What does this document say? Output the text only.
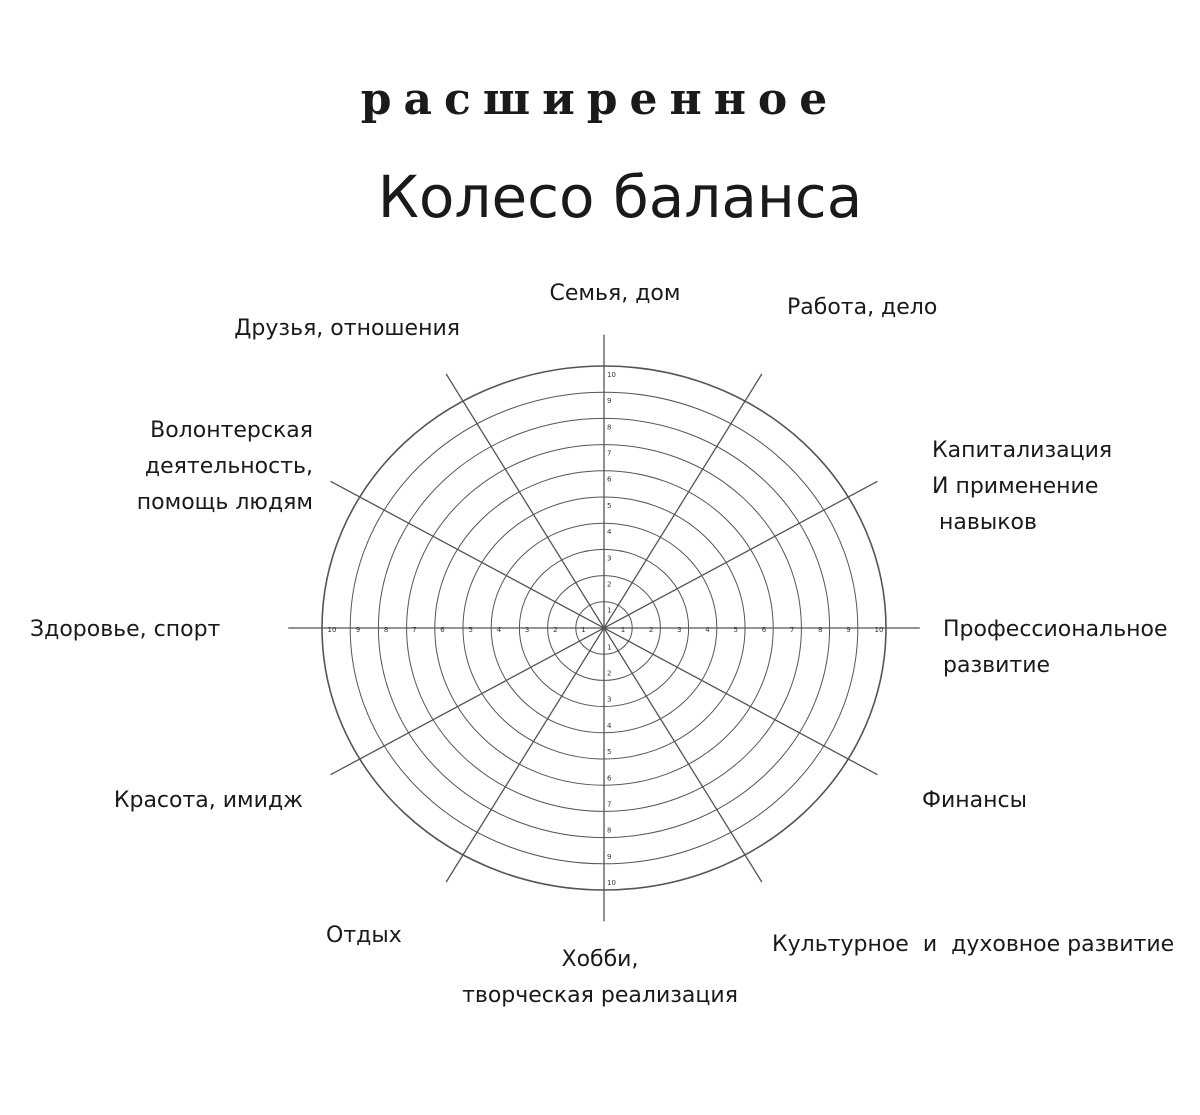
расширенное
Колесо баланса
1
2
3
4
5
6
7
8
9
10
1
2
3
4
5
6
7
8
9
10
1
2
3
4
5
6
7
8
9
10	1	2	3	4	5	6	7	8	9	10
Семья, дом
Работа, дело
Капитализация
И применение
навыков
Профессиональное
развитие
Финансы
Культурное  и  духовное развитие
Хобби,
творческая реализация
Отдых
Красота, имидж
Здоровье, спорт
Волонтерская
деятельность,
помощь людям
Друзья, отношения
